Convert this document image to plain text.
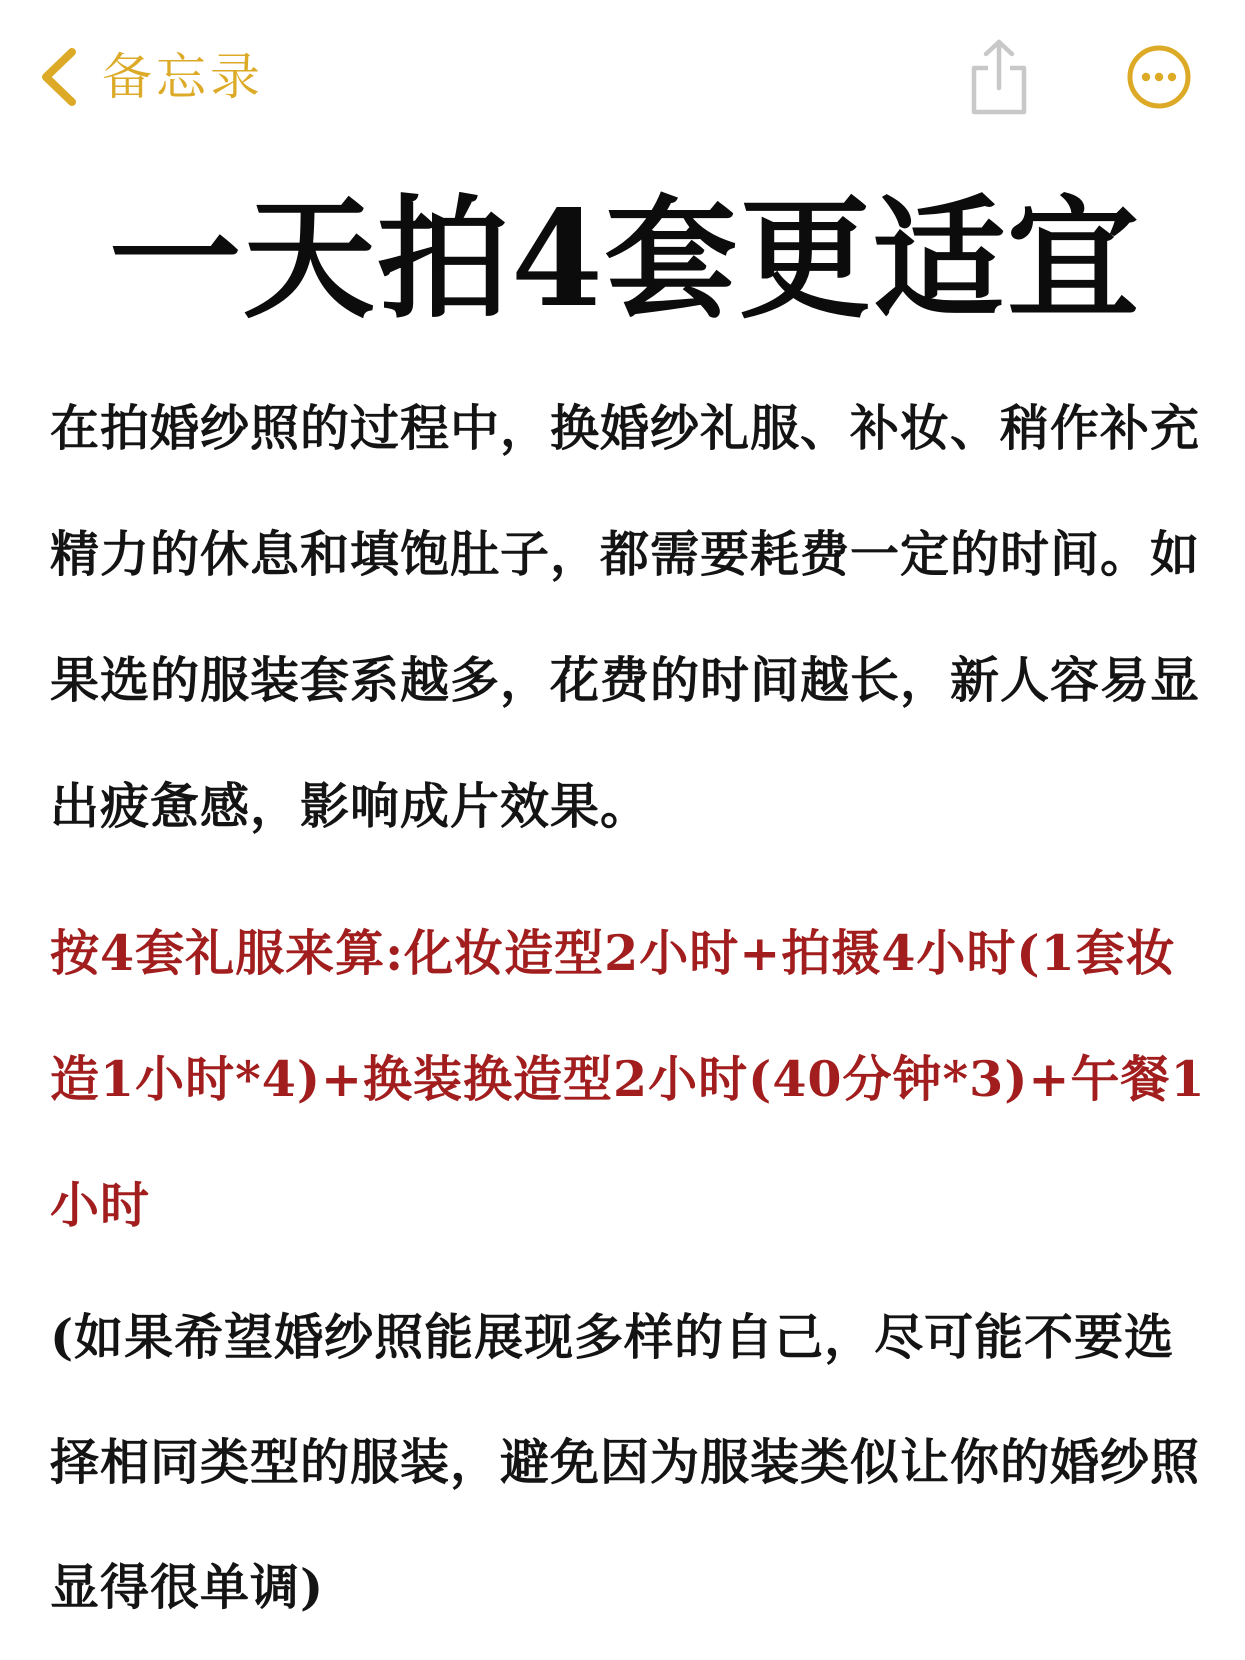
备忘录
一天拍4套更适宜
在拍婚纱照的过程中，换婚纱礼服、补妆、稍作补充精力的休息和填饱肚子，都需要耗费一定的时间。如果选的服装套系越多，花费的时间越长，新人容易显出疲惫感，影响成片效果。
按4套礼服来算:化妆造型2小时+拍摄4小时(1套妆造1小时*4)+换装换造型2小时(40分钟*3)+午餐1小时
(如果希望婚纱照能展现多样的自己，尽可能不要选择相同类型的服装，避免因为服装类似让你的婚纱照显得很单调)
